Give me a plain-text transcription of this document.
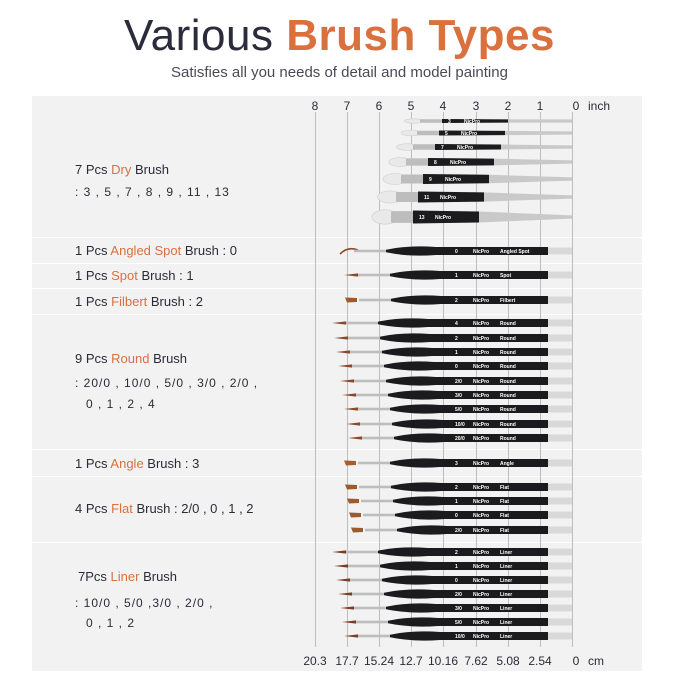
Various Brush Types
Satisfies all you needs of detail and model painting
8	7	6	5	4	3	2	1	0 inch
20.3 17.7 15.24 12.7 10.16 7.62 5.08 2.54	0 cm
7 Pcs Dry Brush
: 3 , 5 , 7 , 8 , 9 , 11 , 13
1 Pcs Angled Spot Brush : 0
1 Pcs Spot Brush : 1
1 Pcs Filbert Brush : 2
9 Pcs Round Brush
: 20/0 , 10/0 , 5/0 , 3/0 , 2/0 ,
0 , 1 , 2 , 4
1 Pcs Angle Brush : 3
4 Pcs Flat Brush : 2/0 , 0 , 1 , 2
7Pcs Liner Brush
: 10/0 , 5/0 ,3/0 , 2/0 ,
0 , 1 , 2
3	NicPro
5	NicPro
7	NicPro
8	NicPro
9	NicPro
11 NicPro
13 NicPro
0	NicPro Angled Spot
1	NicPro Spot
2	NicPro Filbert
4	NicPro Round
2	NicPro Round
1	NicPro Round
0	NicPro Round
2/0 NicPro Round
3/0 NicPro Round
5/0 NicPro Round
10/0 NicPro Round
20/0 NicPro Round
3	NicPro Angle
2	NicPro Flat
1	NicPro Flat
0	NicPro Flat
2/0 NicPro Flat
2	NicPro Liner
1	NicPro Liner
0	NicPro Liner
2/0 NicPro Liner
3/0 NicPro Liner
5/0 NicPro Liner
10/0 NicPro Liner
